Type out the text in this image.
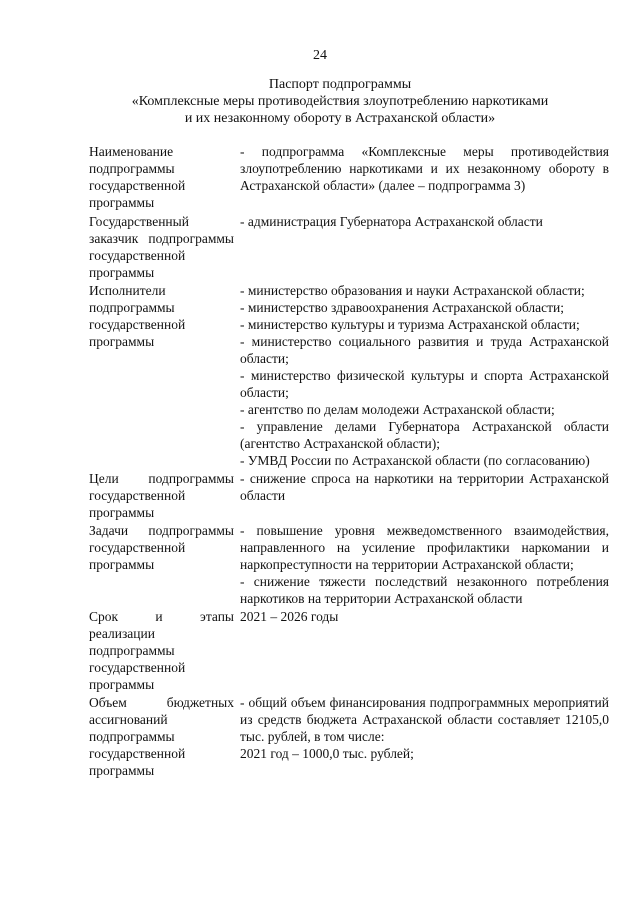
24
Паспорт подпрограммы
«Комплексные меры противодействия злоупотреблению наркотиками
и их незаконному обороту в Астраханской области»
Наименование подпрограммы государственной программы

- подпрограмма «Комплексные меры противодействия злоупотреблению наркотиками и их незаконному обороту в Астраханской области» (далее – подпрограмма 3)

Государственный заказчик подпрограммы государственной программы

- администрация Губернатора Астраханской области

Исполнители подпрограммы государственной программы

- министерство образования и науки Астраханской области;

- министерство здравоохранения Астраханской области;

- министерство культуры и туризма Астраханской области;

- министерство социального развития и труда Астраханской области;

- министерство физической культуры и спорта Астраханской области;

- агентство по делам молодежи Астраханской области;

- управление делами Губернатора Астраханской области (агентство Астраханской области);

- УМВД России по Астраханской области (по согласованию)

Цели подпрограммы государственной программы

- снижение спроса на наркотики на территории Астраханской области

Задачи подпрограммы государственной программы

- повышение уровня межведомственного взаимодействия, направленного на усиление профилактики наркомании и наркопреступности на территории Астраханской области;

- снижение тяжести последствий незаконного потребления наркотиков на территории Астраханской области

Срок и этапы реализации подпрограммы государственной программы

2021 – 2026 годы

Объем бюджетных ассигнований подпрограммы государственной программы

- общий объем финансирования подпрограммных мероприятий из средств бюджета Астраханской области составляет 12105,0 тыс. рублей, в том числе:

2021 год – 1000,0 тыс. рублей;
